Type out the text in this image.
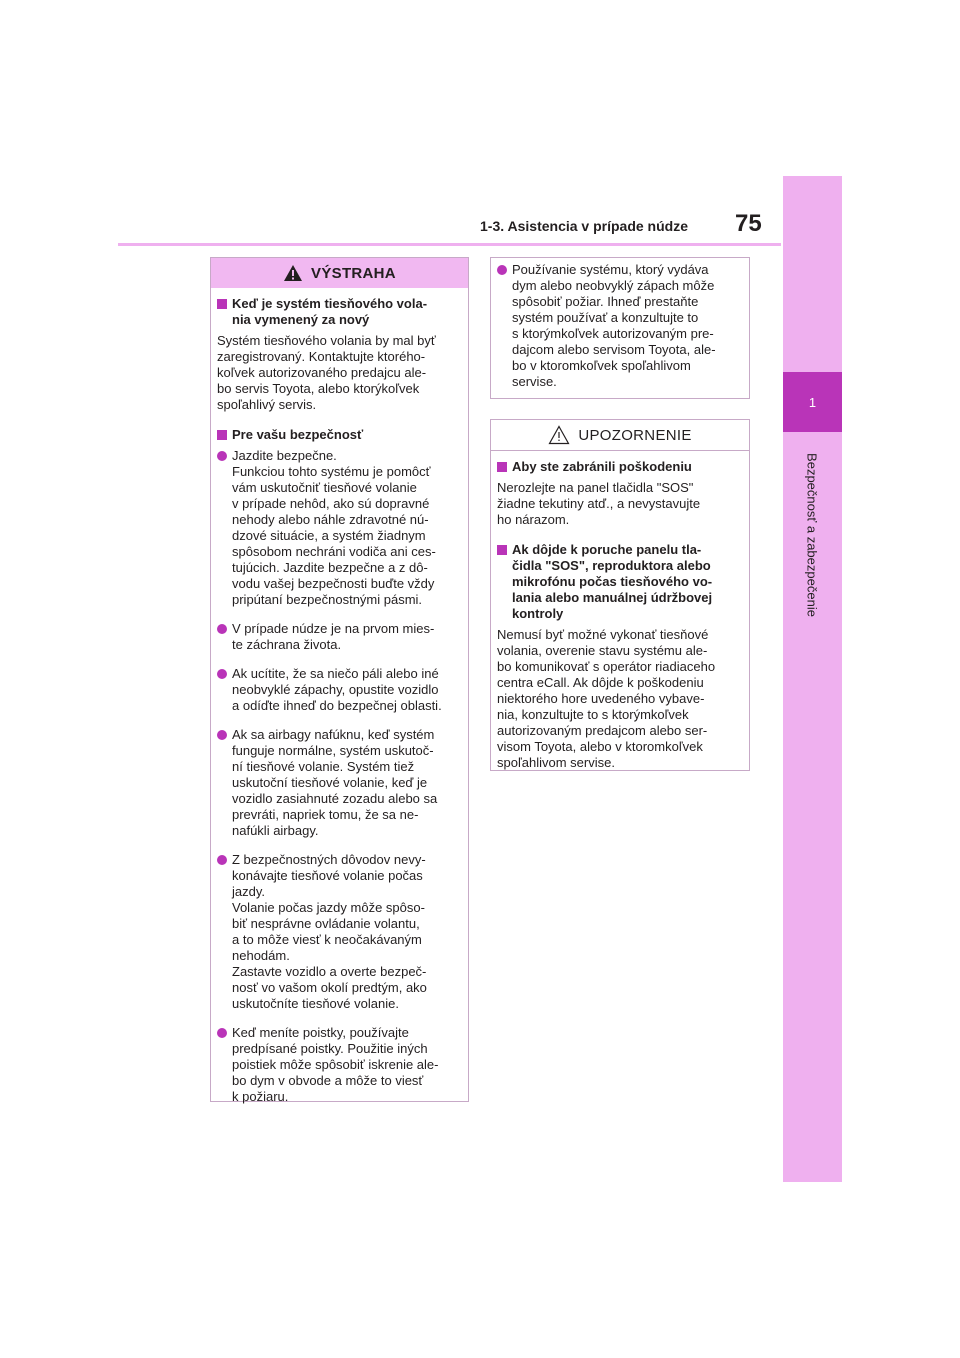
1-3. Asistencia v prípade núdze	75
1
Bezpečnosť a zabezpečenie
VÝSTRAHA
Keď je systém tiesňového vola-
nia vymenený za nový
Systém tiesňového volania by mal byť
zaregistrovaný. Kontaktujte ktorého-
koľvek autorizovaného predajcu ale-
bo servis Toyota, alebo ktorýkoľvek
spoľahlivý servis.
Pre vašu bezpečnosť
Jazdite bezpečne.
Funkciou tohto systému je pomôcť
vám uskutočniť tiesňové volanie
v prípade nehôd, ako sú dopravné
nehody alebo náhle zdravotné nú-
dzové situácie, a systém žiadnym
spôsobom nechráni vodiča ani ces-
tujúcich. Jazdite bezpečne a z dô-
vodu vašej bezpečnosti buďte vždy
pripútaní bezpečnostnými pásmi.
V prípade núdze je na prvom mies-
te záchrana života.
Ak ucítite, že sa niečo páli alebo iné
neobvyklé zápachy, opustite vozidlo
a odíďte ihneď do bezpečnej oblasti.
Ak sa airbagy nafúknu, keď systém
funguje normálne, systém uskutoč-
ní tiesňové volanie. Systém tiež
uskutoční tiesňové volanie, keď je
vozidlo zasiahnuté zozadu alebo sa
prevráti, napriek tomu, že sa ne-
nafúkli airbagy.
Z bezpečnostných dôvodov nevy-
konávajte tiesňové volanie počas
jazdy.
Volanie počas jazdy môže spôso-
biť nesprávne ovládanie volantu,
a to môže viesť k neočakávaným
nehodám.
Zastavte vozidlo a overte bezpeč-
nosť vo vašom okolí predtým, ako
uskutočníte tiesňové volanie.
Keď meníte poistky, používajte
predpísané poistky. Použitie iných
poistiek môže spôsobiť iskrenie ale-
bo dym v obvode a môže to viesť
k požiaru.
Používanie systému, ktorý vydáva
dym alebo neobvyklý zápach môže
spôsobiť požiar. Ihneď prestaňte
systém používať a konzultujte to
s ktorýmkoľvek autorizovaným pre-
dajcom alebo servisom Toyota, ale-
bo v ktoromkoľvek spoľahlivom
servise.
UPOZORNENIE
Aby ste zabránili poškodeniu
Nerozlejte na panel tlačidla "SOS"
žiadne tekutiny atď., a nevystavujte
ho nárazom.
Ak dôjde k poruche panelu tla-
čidla "SOS", reproduktora alebo
mikrofónu počas tiesňového vo-
lania alebo manuálnej údržbovej
kontroly
Nemusí byť možné vykonať tiesňové
volania, overenie stavu systému ale-
bo komunikovať s operátor riadiaceho
centra eCall. Ak dôjde k poškodeniu
niektorého hore uvedeného vybave-
nia, konzultujte to s ktorýmkoľvek
autorizovaným predajcom alebo ser-
visom Toyota, alebo v ktoromkoľvek
spoľahlivom servise.
